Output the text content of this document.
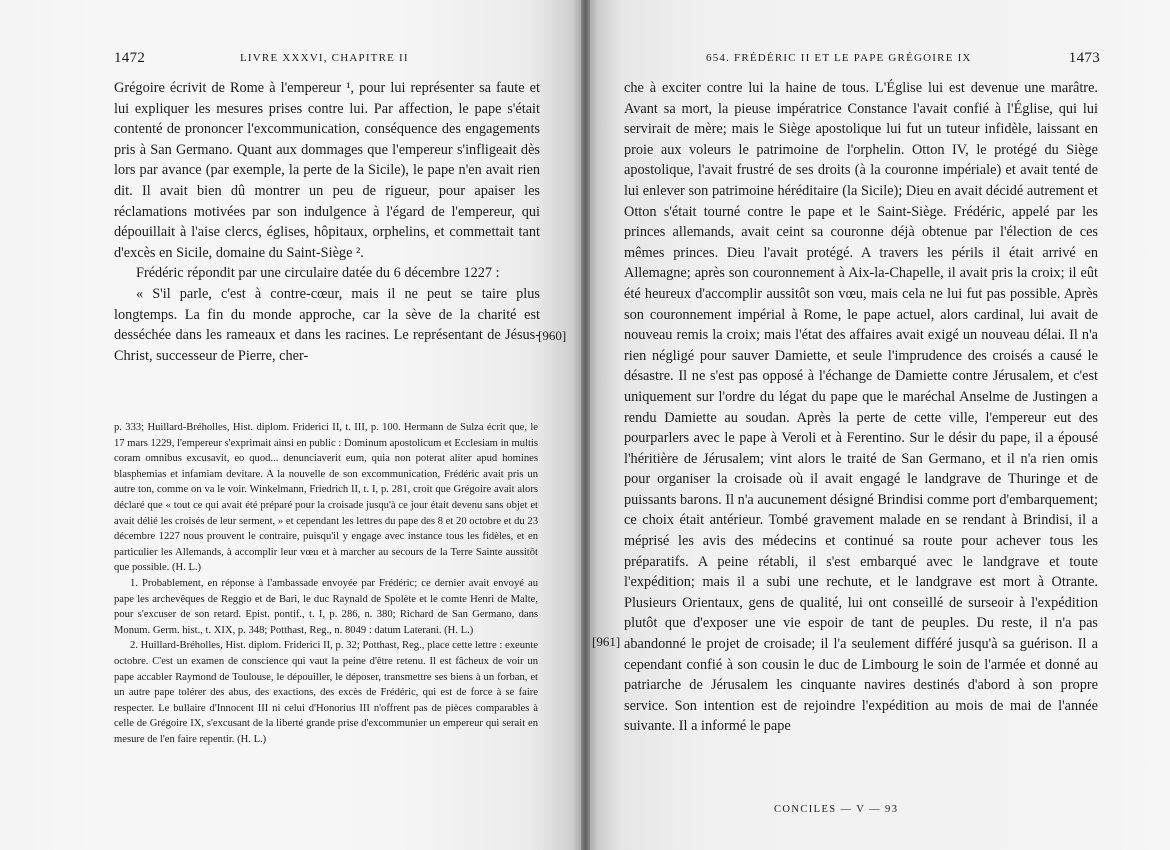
1472	LIVRE XXXVI, CHAPITRE II

Grégoire écrivit de Rome à l'empereur ¹, pour lui représenter sa faute et lui expliquer les mesures prises contre lui. Par affection, le pape s'était contenté de prononcer l'excommunication, conséquence des engagements pris à San Germano. Quant aux dommages que l'empereur s'infligeait dès lors par avance (par exemple, la perte de la Sicile), le pape n'en avait rien dit. Il avait bien dû montrer un peu de rigueur, pour apaiser les réclamations motivées par son indulgence à l'égard de l'empereur, qui dépouillait à l'aise clercs, églises, hôpitaux, orphelins, et commettait tant d'excès en Sicile, domaine du Saint-Siège ².

Frédéric répondit par une circulaire datée du 6 décembre 1227 :

« S'il parle, c'est à contre-cœur, mais il ne peut se taire plus longtemps. La fin du monde approche, car la sève de la charité est desséchée dans les rameaux et dans les racines. Le représentant de Jésus-Christ, successeur de Pierre, cher-

[960]

p. 333; Huillard-Bréholles, Hist. diplom. Friderici II, t. III, p. 100. Hermann de Sulza écrit que, le 17 mars 1229, l'empereur s'exprimait ainsi en public : Dominum apostolicum et Ecclesiam in multis coram omnibus excusavit, eo quod... denunciaverit eum, quia non poterat aliter apud homines blasphemias et infamiam devitare. A la nouvelle de son excommunication, Frédéric avait pris un autre ton, comme on va le voir. Winkelmann, Friedrich II, t. I, p. 281, croit que Grégoire avait alors déclaré que « tout ce qui avait été préparé pour la croisade jusqu'à ce jour était devenu sans objet et avait délié les croisés de leur serment, » et cependant les lettres du pape des 8 et 20 octobre et du 23 décembre 1227 nous prouvent le contraire, puisqu'il y engage avec instance tous les fidèles, et en particulier les Allemands, à accomplir leur vœu et à marcher au secours de la Terre Sainte aussitôt que possible. (H. L.)

1. Probablement, en réponse à l'ambassade envoyée par Frédéric; ce dernier avait envoyé au pape les archevêques de Reggio et de Bari, le duc Raynald de Spolète et le comte Henri de Malte, pour s'excuser de son retard. Epist. pontif., t. I, p. 286, n. 380; Richard de San Germano, dans Monum. Germ. hist., t. XIX, p. 348; Potthast, Reg., n. 8049 : datum Laterani. (H. L.)

2. Huillard-Bréholles, Hist. diplom. Friderici II, p. 32; Potthast, Reg., place cette lettre : exeunte octobre. C'est un examen de conscience qui vaut la peine d'être retenu. Il est fâcheux de voir un pape accabler Raymond de Toulouse, le dépouiller, le déposer, transmettre ses biens à un forban, et un autre pape tolérer des abus, des exactions, des excès de Frédéric, qui est de force à se faire respecter. Le bullaire d'Innocent III ni celui d'Honorius III n'offrent pas de pièces comparables à celle de Grégoire IX, s'excusant de la liberté grande prise d'excommunier un empereur qui serait en mesure de l'en faire repentir. (H. L.)

654. FRÉDÉRIC II ET LE PAPE GRÉGOIRE IX	1473

che à exciter contre lui la haine de tous. L'Église lui est devenue une marâtre. Avant sa mort, la pieuse impératrice Constance l'avait confié à l'Église, qui lui servirait de mère; mais le Siège apostolique lui fut un tuteur infidèle, laissant en proie aux voleurs le patrimoine de l'orphelin. Otton IV, le protégé du Siège apostolique, l'avait frustré de ses droits (à la couronne impériale) et avait tenté de lui enlever son patrimoine héréditaire (la Sicile); Dieu en avait décidé autrement et Otton s'était tourné contre le pape et le Saint-Siège. Frédéric, appelé par les princes allemands, avait ceint sa couronne déjà obtenue par l'élection de ces mêmes princes. Dieu l'avait protégé. A travers les périls il était arrivé en Allemagne; après son couronnement à Aix-la-Chapelle, il avait pris la croix; il eût été heureux d'accomplir aussitôt son vœu, mais cela ne lui fut pas possible. Après son couronnement impérial à Rome, le pape actuel, alors cardinal, lui avait de nouveau remis la croix; mais l'état des affaires avait exigé un nouveau délai. Il n'a rien négligé pour sauver Damiette, et seule l'imprudence des croisés a causé le désastre. Il ne s'est pas opposé à l'échange de Damiette contre Jérusalem, et c'est uniquement sur l'ordre du légat du pape que le maréchal Anselme de Justingen a rendu Damiette au soudan. Après la perte de cette ville, l'empereur eut des pourparlers avec le pape à Veroli et à Ferentino. Sur le désir du pape, il a épousé l'héritière de Jérusalem; vint alors le traité de San Germano, et il n'a rien omis pour organiser la croisade où il avait engagé le landgrave de Thuringe et de puissants barons. Il n'a aucunement désigné Brindisi comme port d'embarquement; ce choix était antérieur. Tombé gravement malade en se rendant à Brindisi, il a méprisé les avis des médecins et continué sa route pour achever tous les préparatifs. A peine rétabli, il s'est embarqué avec le landgrave et toute l'expédition; mais il a subi une rechute, et le landgrave est mort à Otrante. Plusieurs Orientaux, gens de qualité, lui ont conseillé de surseoir à l'expédition plutôt que d'exposer une vie espoir de tant de peuples. Du reste, il n'a pas abandonné le projet de croisade; il l'a seulement différé jusqu'à sa guérison. Il a cependant confié à son cousin le duc de Limbourg le soin de l'armée et donné au patriarche de Jérusalem les cinquante navires destinés d'abord à son propre service. Son intention est de rejoindre l'expédition au mois de mai de l'année suivante. Il a informé le pape

[961]
CONCILES — V — 93
